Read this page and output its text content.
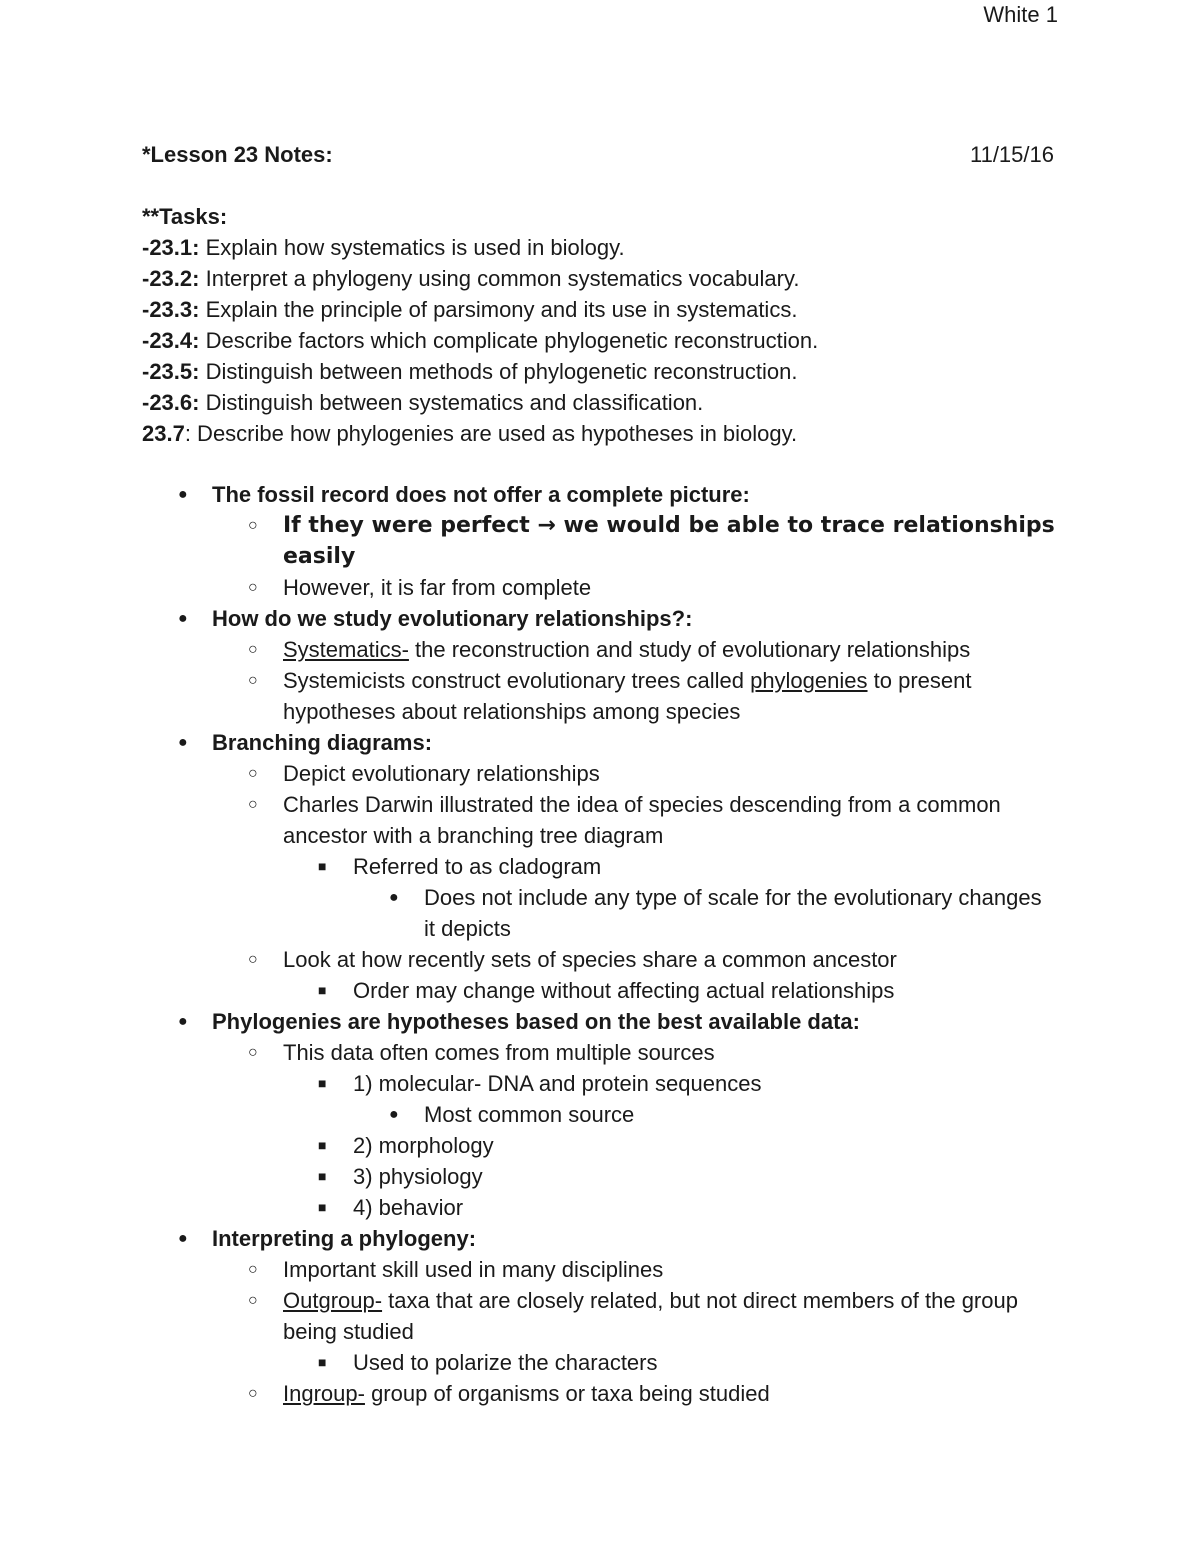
White 1
*Lesson 23 Notes:	11/15/16
**Tasks:
-23.1: Explain how systematics is used in biology.
-23.2: Interpret a phylogeny using common systematics vocabulary.
-23.3: Explain the principle of parsimony and its use in systematics.
-23.4: Describe factors which complicate phylogenetic reconstruction.
-23.5: Distinguish between methods of phylogenetic reconstruction.
-23.6: Distinguish between systematics and classification.
23.7: Describe how phylogenies are used as hypotheses in biology.
● The fossil record does not offer a complete picture:
○ If they were perfect → we would be able to trace relationships easily
○ However, it is far from complete
● How do we study evolutionary relationships?:
○ Systematics- the reconstruction and study of evolutionary relationships
○ Systemicists construct evolutionary trees called phylogenies to present hypotheses about relationships among species
● Branching diagrams:
○ Depict evolutionary relationships
○ Charles Darwin illustrated the idea of species descending from a common ancestor with a branching tree diagram
■ Referred to as cladogram
● Does not include any type of scale for the evolutionary changes it depicts
○ Look at how recently sets of species share a common ancestor
■ Order may change without affecting actual relationships
● Phylogenies are hypotheses based on the best available data:
○ This data often comes from multiple sources
■ 1) molecular- DNA and protein sequences
● Most common source
■ 2) morphology
■ 3) physiology
■ 4) behavior
● Interpreting a phylogeny:
○ Important skill used in many disciplines
○ Outgroup- taxa that are closely related, but not direct members of the group being studied
■ Used to polarize the characters
○ Ingroup- group of organisms or taxa being studied
